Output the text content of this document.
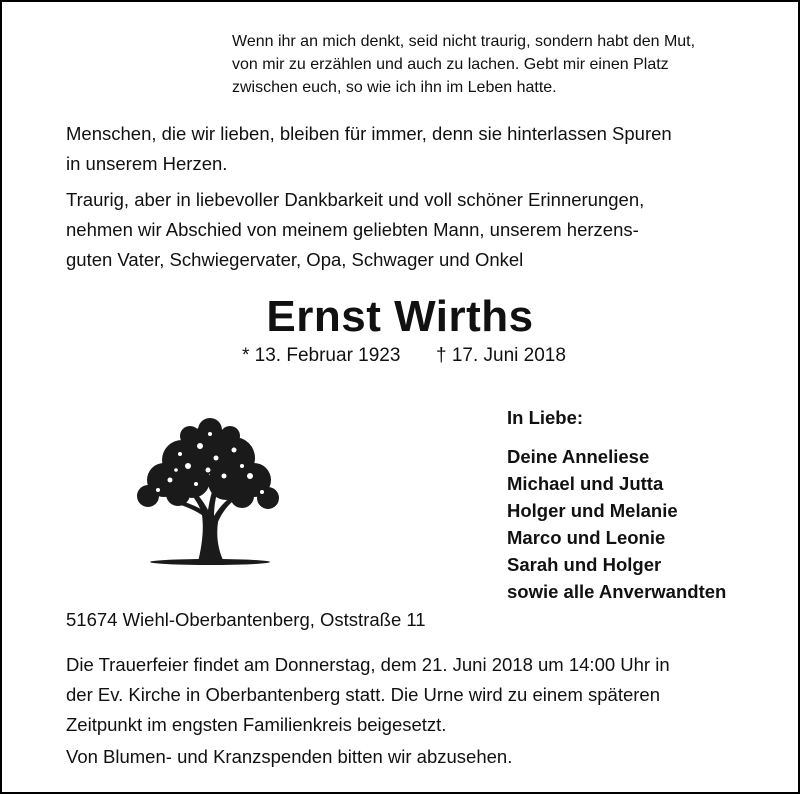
Wenn ihr an mich denkt, seid nicht traurig, sondern habt den Mut,
von mir zu erzählen und auch zu lachen. Gebt mir einen Platz
zwischen euch, so wie ich ihn im Leben hatte.
Menschen, die wir lieben, bleiben für immer, denn sie hinterlassen Spuren
in unserem Herzen.
Traurig, aber in liebevoller Dankbarkeit und voll schöner Erinnerungen,
nehmen wir Abschied von meinem geliebten Mann, unserem herzens-
guten Vater, Schwiegervater, Opa, Schwager und Onkel
Ernst Wirths
* 13. Februar 1923 † 17. Juni 2018
In Liebe:
Deine Anneliese
Michael und Jutta
Holger und Melanie
Marco und Leonie
Sarah und Holger
sowie alle Anverwandten
51674 Wiehl-Oberbantenberg, Oststraße 11
Die Trauerfeier findet am Donnerstag, dem 21. Juni 2018 um 14:00 Uhr in
der Ev. Kirche in Oberbantenberg statt. Die Urne wird zu einem späteren
Zeitpunkt im engsten Familienkreis beigesetzt.
Von Blumen- und Kranzspenden bitten wir abzusehen.
